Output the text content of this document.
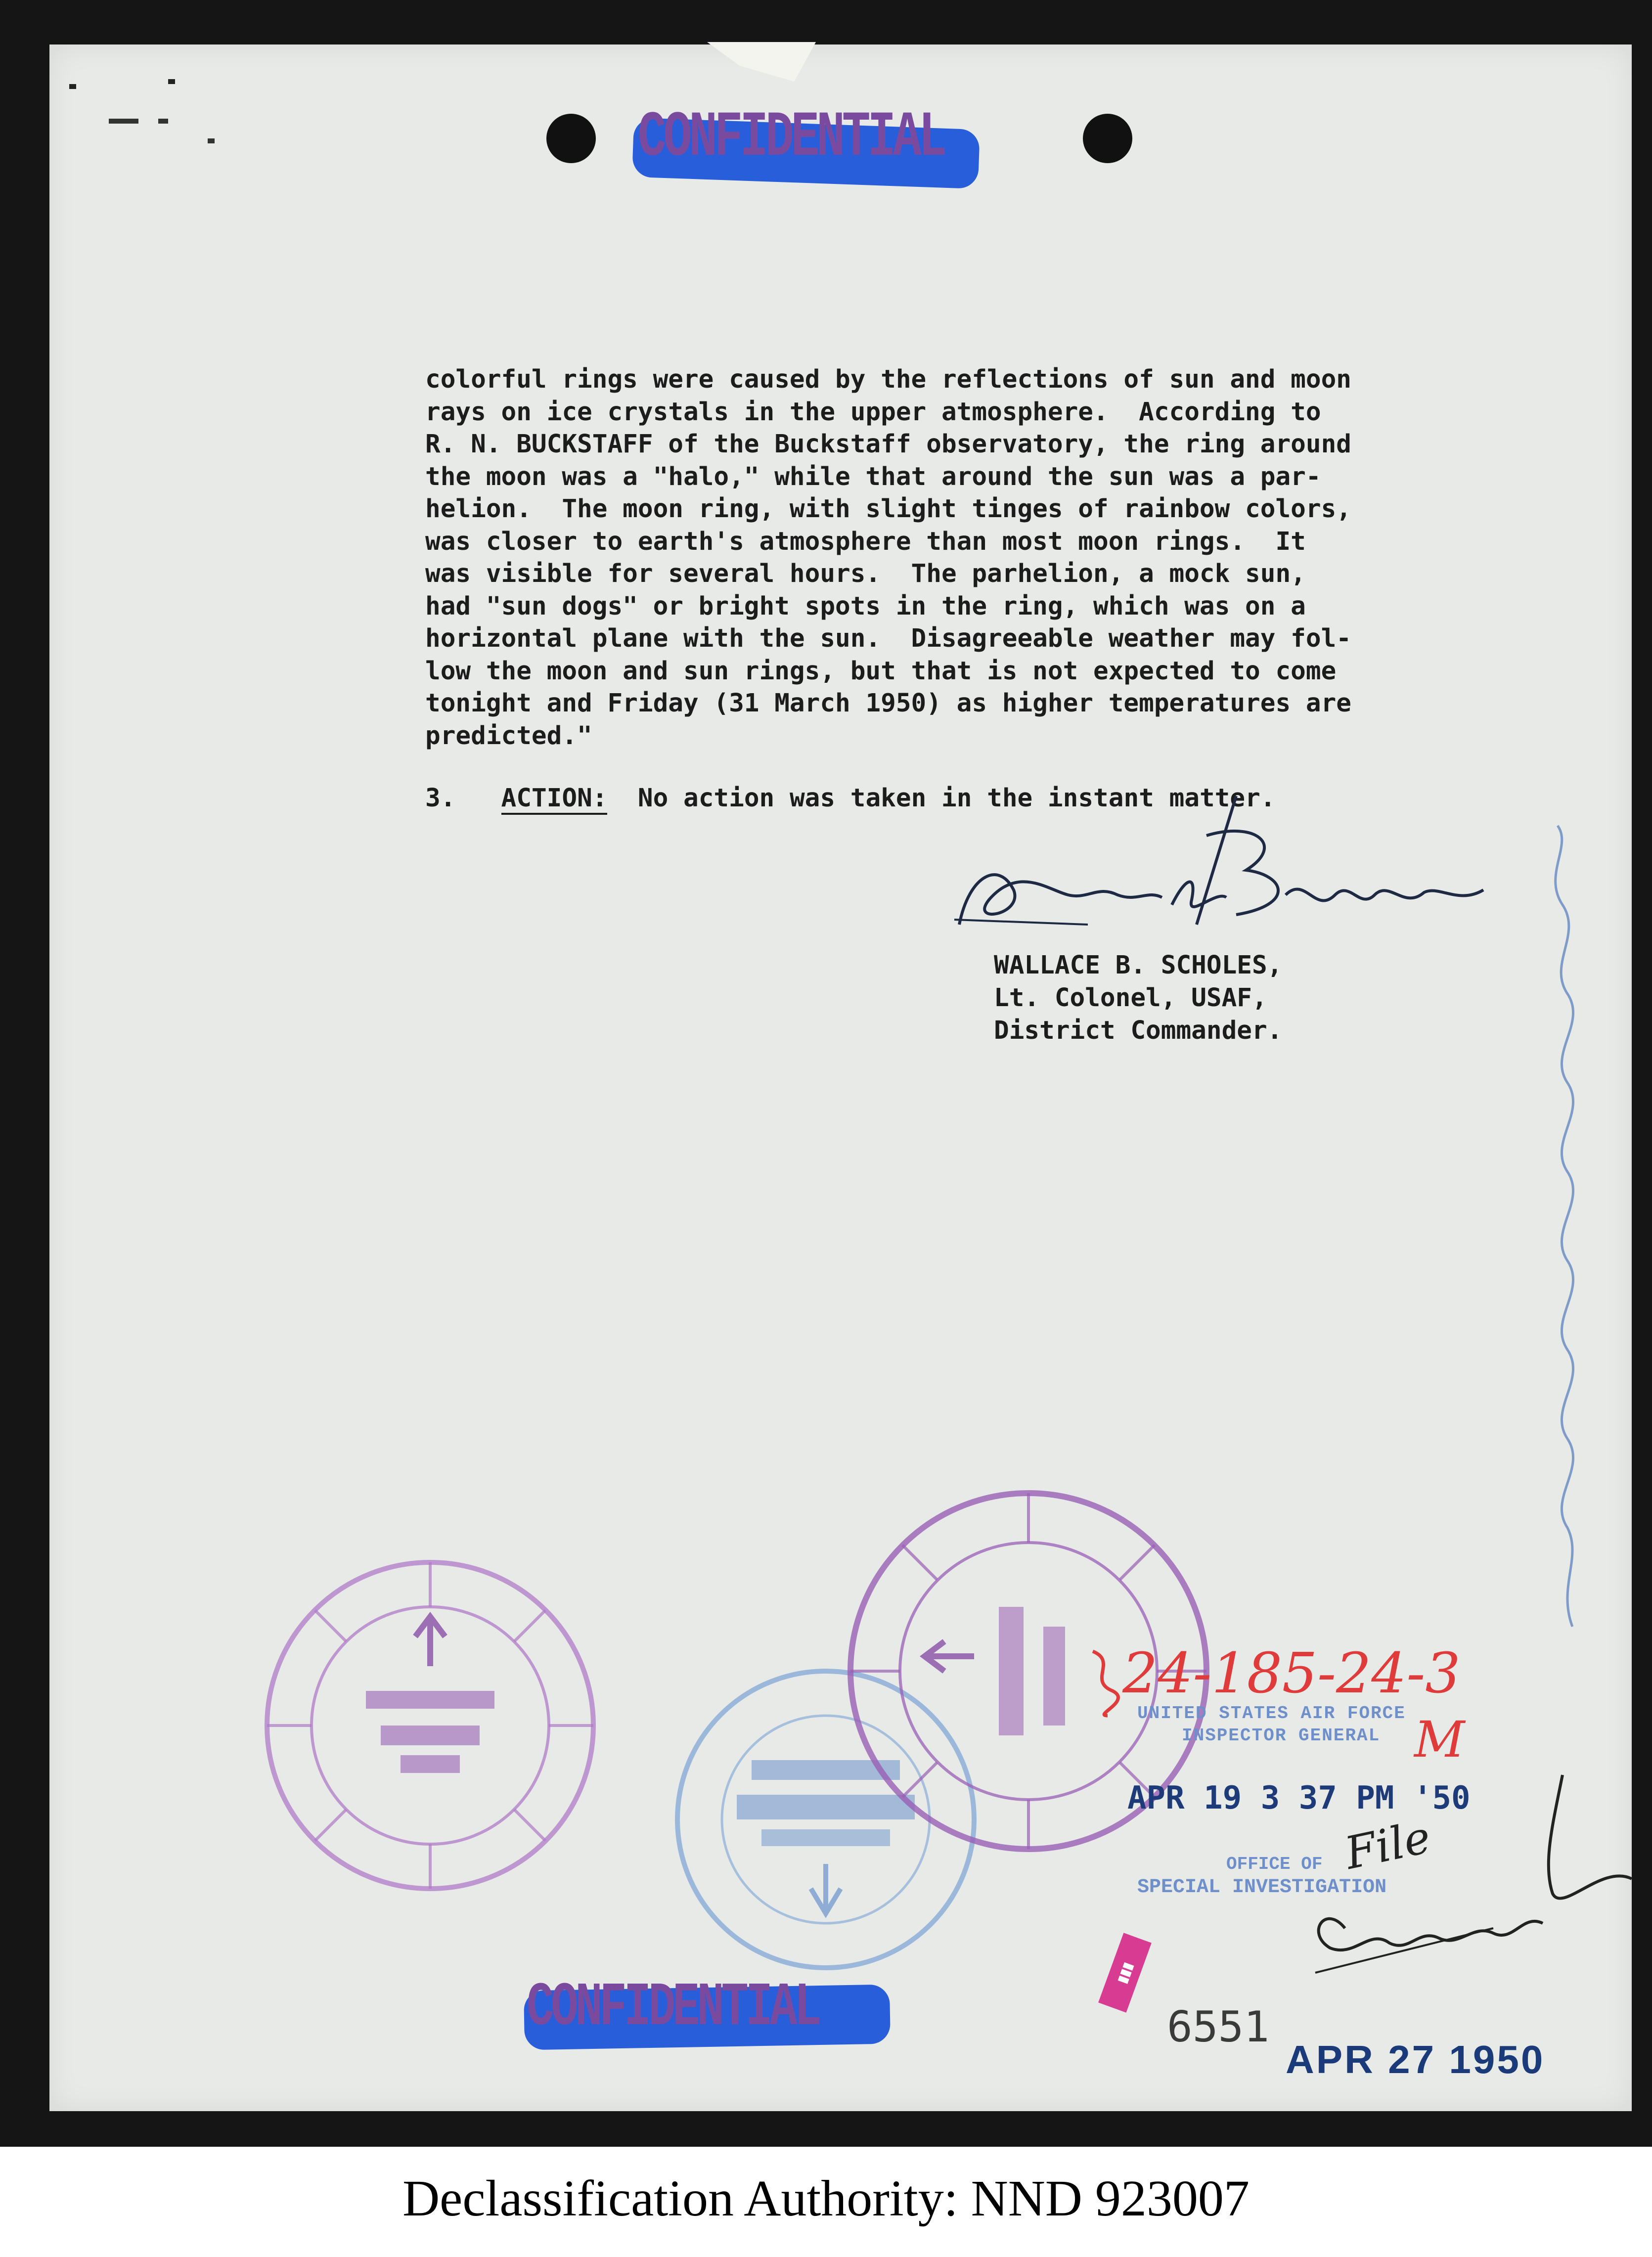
CONFIDENTIAL
colorful rings were caused by the reflections of sun and moon
rays on ice crystals in the upper atmosphere.  According to
R. N. BUCKSTAFF of the Buckstaff observatory, the ring around
the moon was a "halo," while that around the sun was a par-
helion.  The moon ring, with slight tinges of rainbow colors,
was closer to earth's atmosphere than most moon rings.  It
was visible for several hours.  The parhelion, a mock sun,
had "sun dogs" or bright spots in the ring, which was on a
horizontal plane with the sun.  Disagreeable weather may fol-
low the moon and sun rings, but that is not expected to come
tonight and Friday (31 March 1950) as higher temperatures are
predicted."
3. ACTION: No action was taken in the instant matter.
WALLACE B. SCHOLES,
Lt. Colonel, USAF,
District Commander.
CONFIDENTIAL
24-185-24-3
M
UNITED STATES AIR FORCE
INSPECTOR GENERAL
APR 19 3 37 PM '50
OFFICE OF
SPECIAL INVESTIGATION
File
▮▮▮
6551
APR 27 1950
Declassification Authority: NND 923007
